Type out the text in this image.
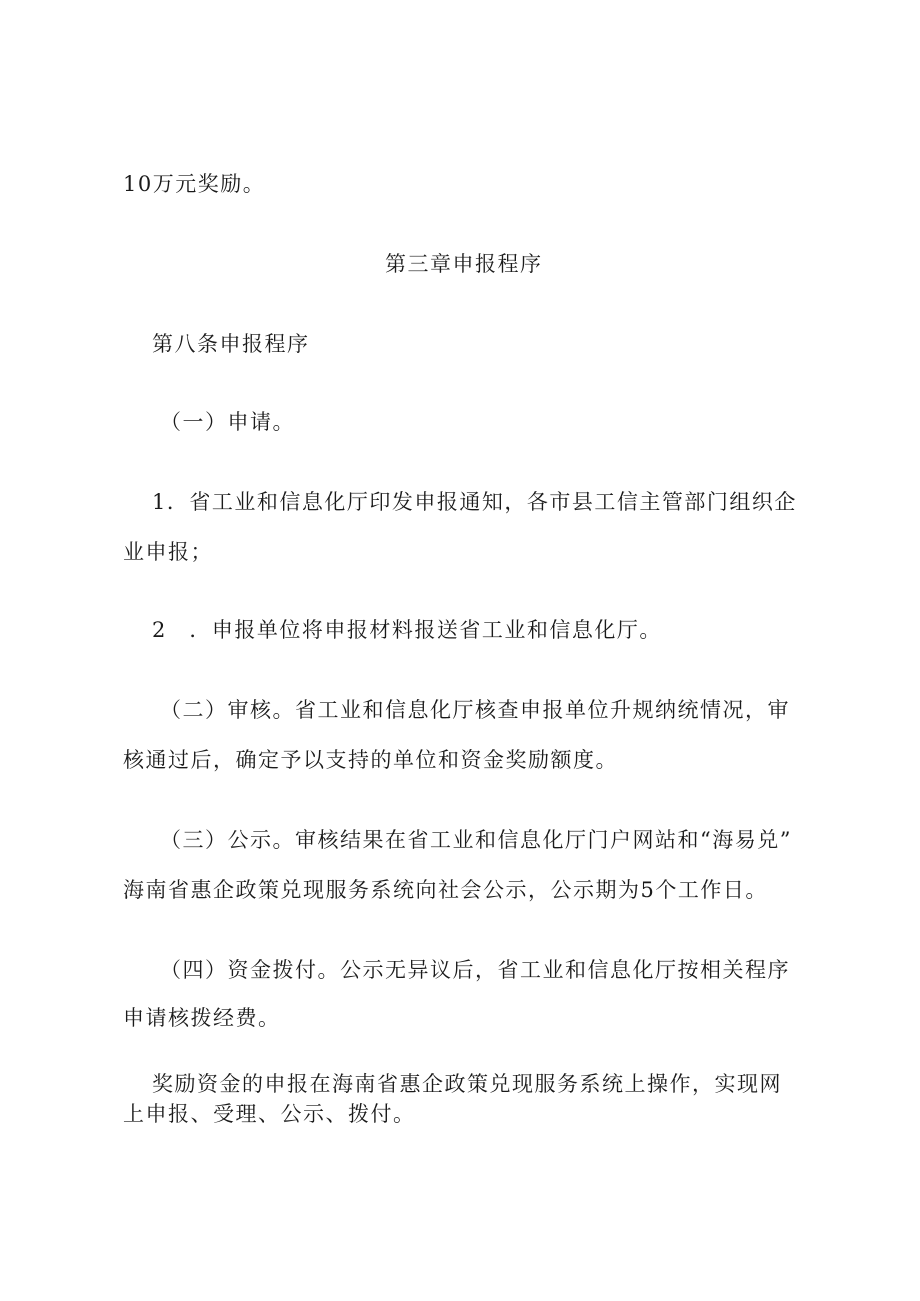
10万元奖励。
第三章申报程序
第八条申报程序
（一）申请。
1．省工业和信息化厅印发申报通知，各市县工信主管部门组织企
业申报；
2　．申报单位将申报材料报送省工业和信息化厅。
（二）审核。省工业和信息化厅核查申报单位升规纳统情况，审
核通过后，确定予以支持的单位和资金奖励额度。
（三）公示。审核结果在省工业和信息化厅门户网站和“海易兑”
海南省惠企政策兑现服务系统向社会公示，公示期为5个工作日。
（四）资金拨付。公示无异议后，省工业和信息化厅按相关程序
申请核拨经费。
奖励资金的申报在海南省惠企政策兑现服务系统上操作，实现网
上申报、受理、公示、拨付。
